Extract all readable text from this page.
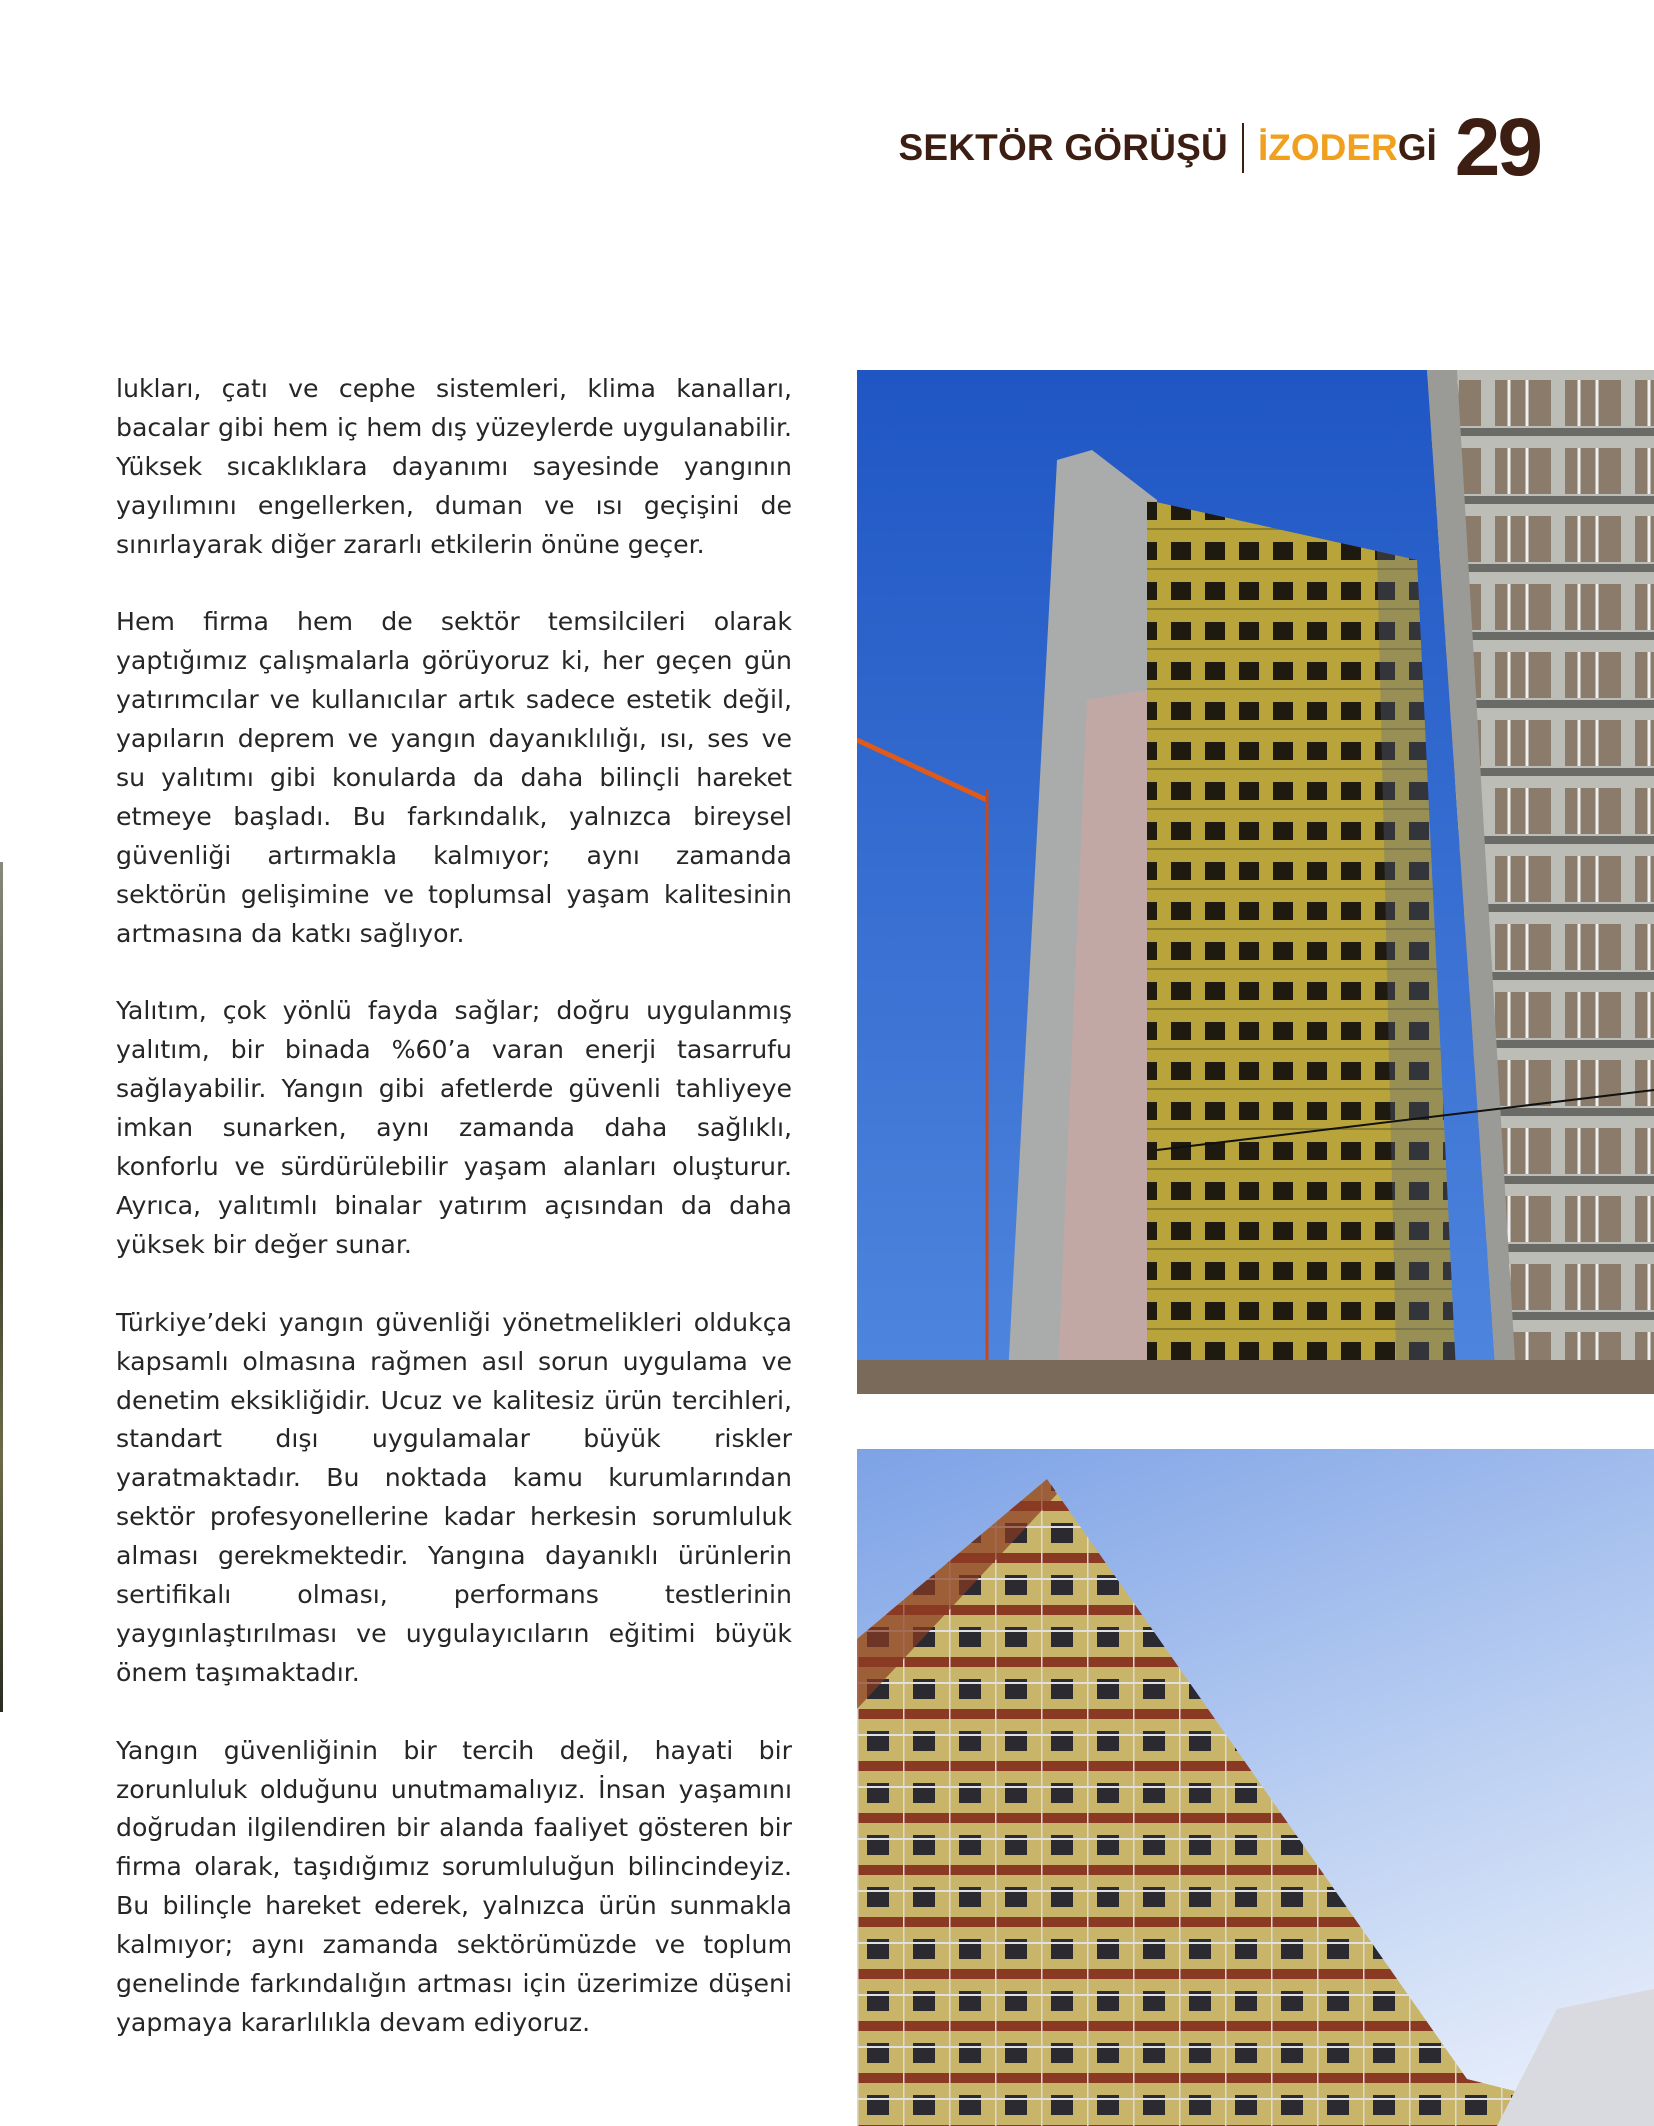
SEKTÖR GÖRÜŞÜ İZODERGİ 29

lukları, çatı ve cephe sistemleri, klima kanalları, bacalar gibi hem iç hem dış yüzeylerde uygulanabilir. Yüksek sıcaklıklara dayanımı sayesinde yangının yayılımını engellerken, duman ve ısı geçişini de sınırlayarak diğer zararlı etkilerin önüne geçer.

Hem firma hem de sektör temsilcileri olarak yaptığımız çalışmalarla görüyoruz ki, her geçen gün yatırımcılar ve kullanıcılar artık sadece estetik değil, yapıların deprem ve yangın dayanıklılığı, ısı, ses ve su yalıtımı gibi konularda da daha bilinçli hareket etmeye başladı. Bu farkındalık, yalnızca bireysel güvenliği artırmakla kalmıyor; aynı zamanda sektörün gelişimine ve toplumsal yaşam kalitesinin artmasına da katkı sağlıyor.

Yalıtım, çok yönlü fayda sağlar; doğru uygulanmış yalıtım, bir binada %60’a varan enerji tasarrufu sağlayabilir. Yangın gibi afetlerde güvenli tahliyeye imkan sunarken, aynı zamanda daha sağlıklı, konforlu ve sürdürülebilir yaşam alanları oluşturur. Ayrıca, yalıtımlı binalar yatırım açısından da daha yüksek bir değer sunar.

Türkiye’deki yangın güvenliği yönetmelikleri oldukça kapsamlı olmasına rağmen asıl sorun uygulama ve denetim eksikliğidir. Ucuz ve kalitesiz ürün tercihleri, standart dışı uygulamalar büyük riskler yaratmaktadır. Bu noktada kamu kurumlarından sektör profesyonellerine kadar herkesin sorumluluk alması gerekmektedir. Yangına dayanıklı ürünlerin sertifikalı olması, performans testlerinin yaygınlaştırılması ve uygulayıcıların eğitimi büyük önem taşımaktadır.

Yangın güvenliğinin bir tercih değil, hayati bir zorunluluk olduğunu unutmamalıyız. İnsan yaşamını doğrudan ilgilendiren bir alanda faaliyet gösteren bir firma olarak, taşıdığımız sorumluluğun bilincindeyiz. Bu bilinçle hareket ederek, yalnızca ürün sunmakla kalmıyor; aynı zamanda sektörümüzde ve toplum genelinde farkındalığın artması için üzerimize düşeni yapmaya kararlılıkla devam ediyoruz.
